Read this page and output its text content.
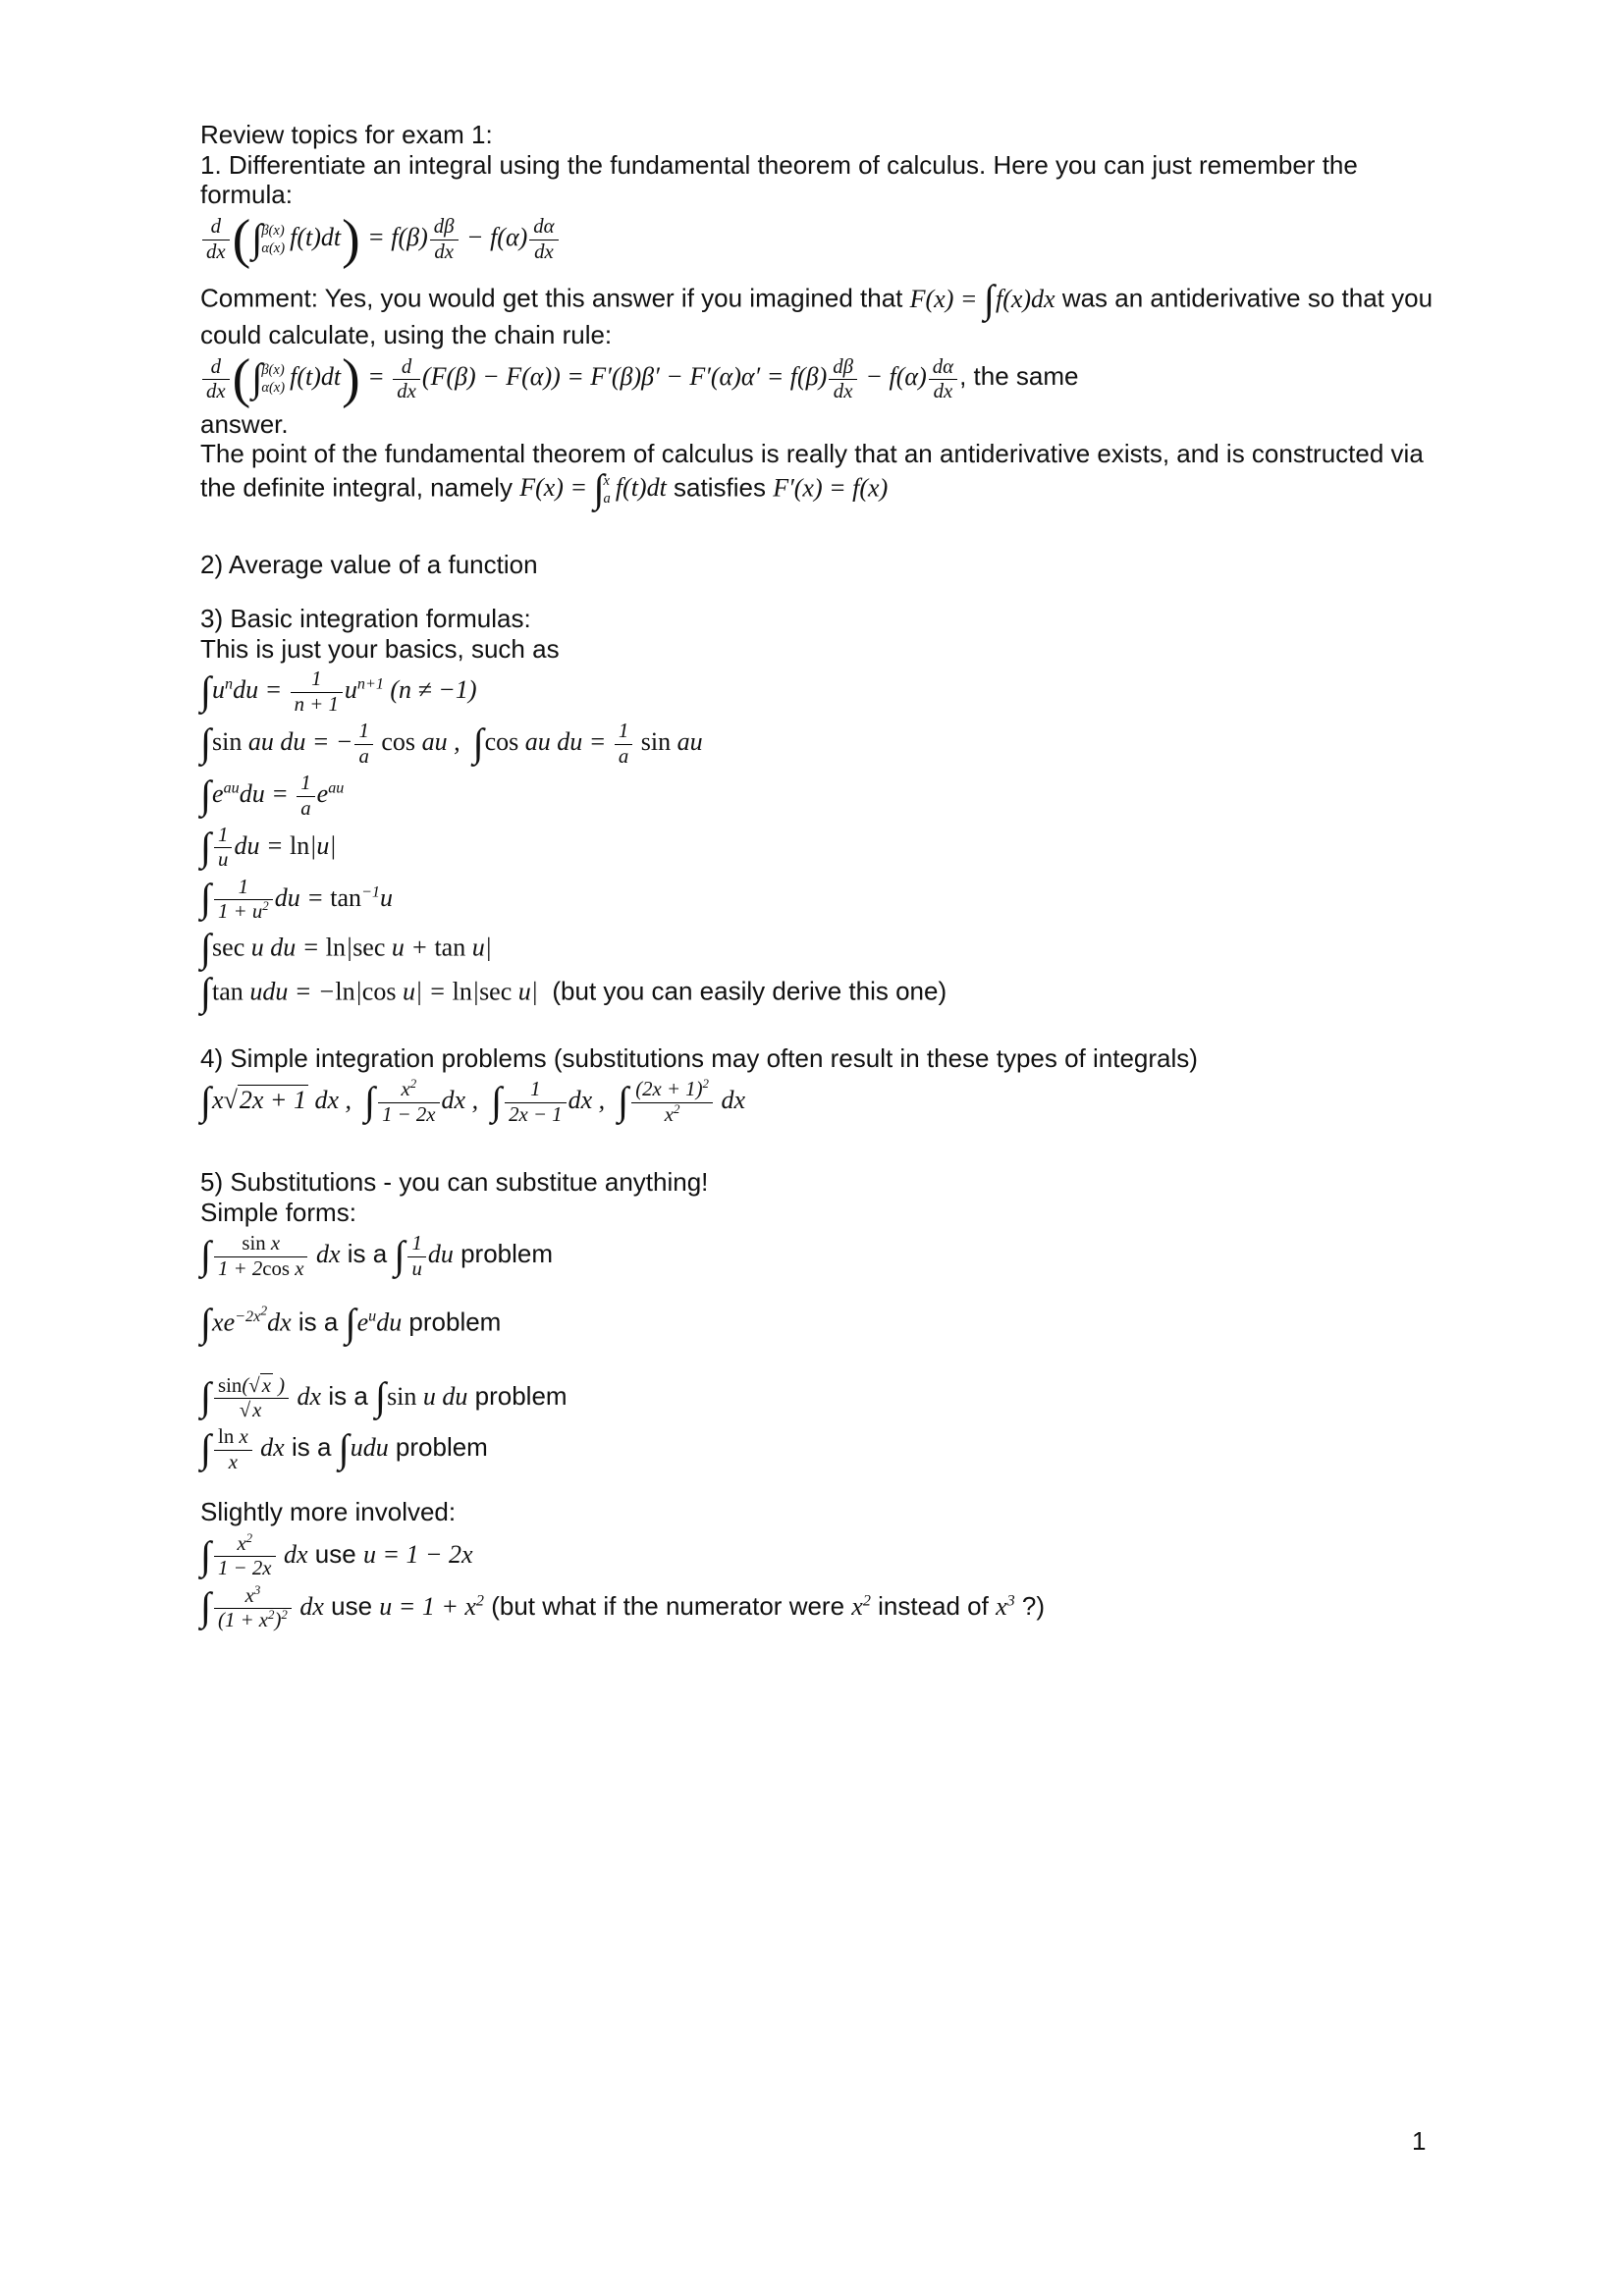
Review topics for exam 1:
1. Differentiate an integral using the fundamental theorem of calculus. Here you can just remember the formula:
$\frac{d}{dx}$ (∫ β(x)
α(x) $f(t)dt) = f(\beta) \frac{d\beta}{dx} - f(\alpha) \frac{d\alpha}{dx}$
Comment: Yes, you would get this answer if you imagined that F(x) = ∫f(x)dx was an antiderivative so that you could calculate, using the chain rule:
$\frac{d}{dx}$ (∫ β(x)
α(x) $f(t)dt) = \frac{d}{dx} (F(\beta) - F(\alpha)) = F'(\beta)\beta' - F'(\alpha)\alpha' = f(\beta) \frac{d\beta}{dx} - f(\alpha) \frac{d\alpha}{dx}$ , the same
answer.
The point of the fundamental theorem of calculus is really that an antiderivative exists, and is constructed via the definite integral, namely F(x) = ∫ x
a f(t)dt satisfies F′(x) = f(x)
2) Average value of a function
3) Basic integration formulas:
This is just your basics, such as
$\int u^ndu = \frac{1}{n + 1} u^{n+1}$ (n ≠ −1)
∫sin au du = − $\frac{1}{a}$ cos au ,  ∫cos au du = $\frac{1}{a}$ sin au
$\int e^{au}du = \frac{1}{a} e^{au}$
∫ $\frac{1}{u}$ du = ln|u|
∫ $\frac{1}{1 + u^2}$ du = $\tan^{-1}u$
∫sec u du = ln|sec u + tan u|
∫tan udu = −ln|cos u| = ln|sec u|  (but you can easily derive this one)
4) Simple integration problems (substitutions may often result in these types of integrals)
∫x√2x + 1 dx ,  ∫ $\frac{x^2}{1 - 2x}$ dx ,  ∫ $\frac{1}{2x - 1}$ dx ,  ∫ $\frac{(2x + 1)^2}{x^2}$ dx
5) Substitutions - you can substitue anything!
Simple forms:
∫ $\frac{\text{sin x}}{\text{1 + 2cos x}}$ dx is a ∫ $\frac{1}{u}$ du problem
$\int xe^{-2x^2}dx$ is a $\int e^udu$ problem
∫ $\frac{\sin(√x )}{√x}$ dx is a ∫sin u du problem
∫ $\frac{\text{ln x}}{x}$ dx is a ∫udu problem
Slightly more involved:
∫ $\frac{x^2}{1 - 2x}$ dx use u = 1 − 2x
∫ $\frac{x^3}{(1 + x^2)^2}$ dx use $u = 1 + x^2$ (but what if the numerator were $x^2$ instead of $x^3$ ?)
1
